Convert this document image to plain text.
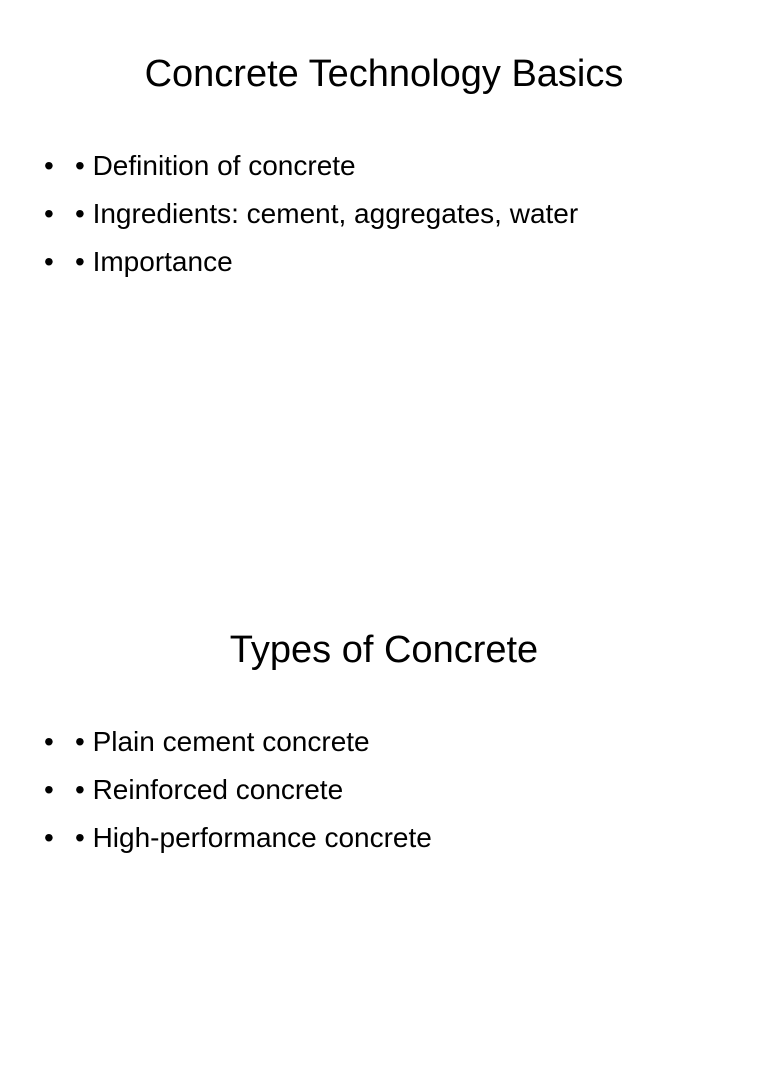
Concrete Technology Basics
• • Definition of concrete
• • Ingredients: cement, aggregates, water
• • Importance
Types of Concrete
• • Plain cement concrete
• • Reinforced concrete
• • High-performance concrete
